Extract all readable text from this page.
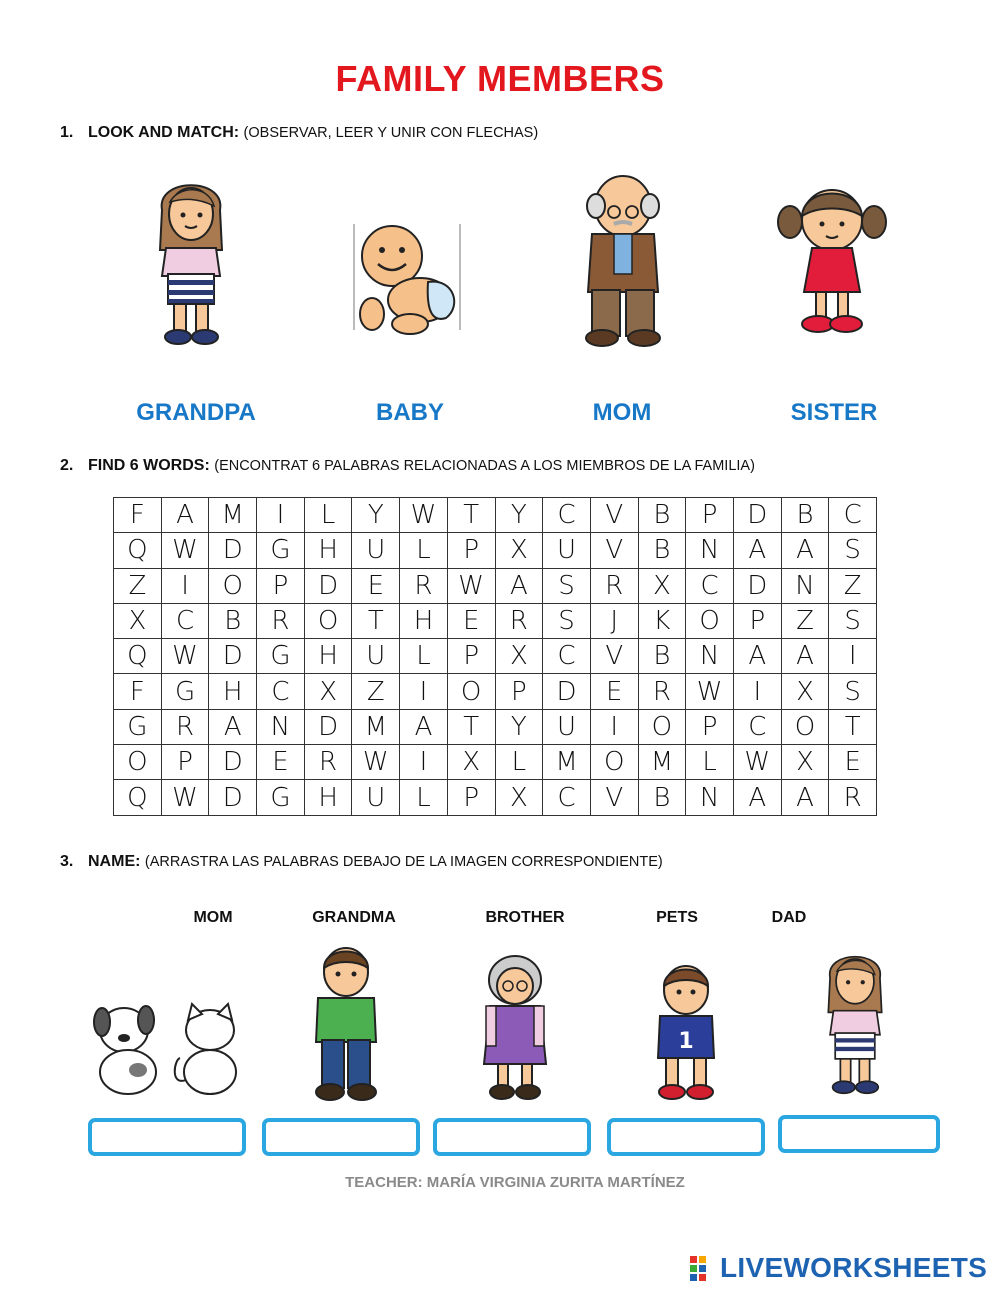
FAMILY MEMBERS
1. LOOK AND MATCH: (OBSERVAR, LEER Y UNIR CON FLECHAS)
GRANDPA	BABY	MOM	SISTER
2. FIND 6 WORDS: (ENCONTRAT 6 PALABRAS RELACIONADAS A LOS MIEMBROS DE LA FAMILIA)
F	A	M	I	L	Y	W	T	Y	C	V	B	P	D	B	C
Q	W	D	G	H	U	L	P	X	U	V	B	N	A	A	S
Z	I	O	P	D	E	R	W	A	S	R	X	C	D	N	Z
X	C	B	R	O	T	H	E	R	S	J	K	O	P	Z	S
Q	W	D	G	H	U	L	P	X	C	V	B	N	A	A	I
F	G	H	C	X	Z	I	O	P	D	E	R	W	I	X	S
G	R	A	N	D	M	A	T	Y	U	I	O	P	C	O	T
O	P	D	E	R	W	I	X	L	M	O	M	L	W	X	E
Q	W	D	G	H	U	L	P	X	C	V	B	N	A	A	R
3. NAME: (ARRASTRA LAS PALABRAS DEBAJO DE LA IMAGEN CORRESPONDIENTE)
MOM	GRANDMA	BROTHER	PETS	DAD
1
TEACHER: MARÍA VIRGINIA ZURITA MARTÍNEZ
LIVEWORKSHEETS
